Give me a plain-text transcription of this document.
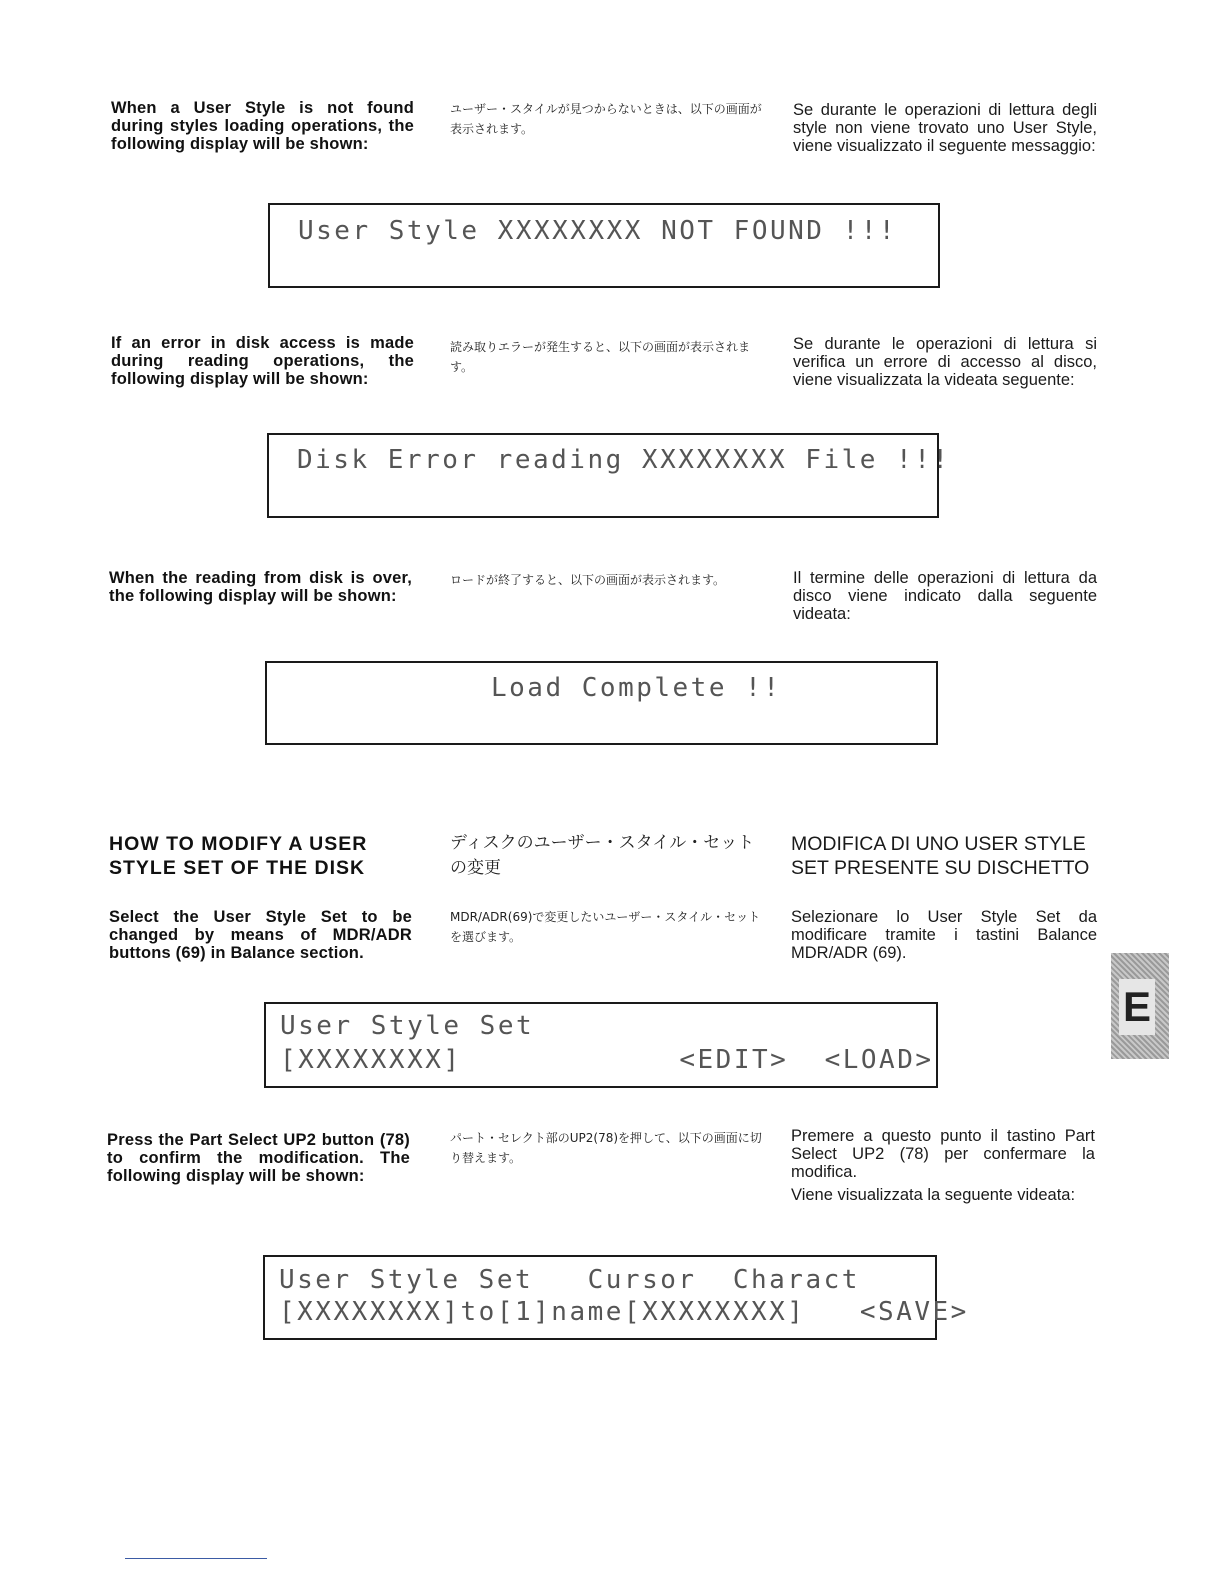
When a User Style is not found during styles loading operations, the following display will be shown:
ユーザー・スタイルが見つからないときは、以下の画面が表示されます。
Se durante le operazioni di lettura degli style non viene trovato uno User Style, viene visualizzato il seguente messaggio:
User Style XXXXXXXX NOT FOUND !!!
If an error in disk access is made during reading operations, the following display will be shown:
読み取りエラーが発生すると、以下の画面が表示されます。
Se durante le operazioni di lettura si verifica un errore di accesso al disco, viene visualizzata la videata seguente:
Disk Error reading XXXXXXXX File !!!
When the reading from disk is over, the following display will be shown:
ロードが終了すると、以下の画面が表示されます。	Il termine delle operazioni di lettura da disco viene indicato dalla seguente videata:
Load Complete !!
HOW TO MODIFY A USER STYLE SET OF THE DISK
ディスクのユーザー・スタイル・セットの変更
MODIFICA DI UNO USER STYLE SET PRESENTE SU DISCHETTO
Select the User Style Set to be changed by means of MDR/ADR buttons (69) in Balance section.
MDR/ADR(69)で変更したいユーザー・スタイル・セットを選びます。
Selezionare lo User Style Set da modificare tramite i tastini Balance MDR/ADR (69).
User Style Set
[XXXXXXXX]            <EDIT>  <LOAD>
E
Press the Part Select UP2 button (78) to confirm the modification. The following display will be shown:
パート・セレクト部のUP2(78)を押して、以下の画面に切り替えます。
Premere a questo punto il tastino Part Select UP2 (78) per confermare la modifica.
Viene visualizzata la seguente videata:
User Style Set   Cursor  Charact
[XXXXXXXX]to[1]name[XXXXXXXX]   <SAVE>
